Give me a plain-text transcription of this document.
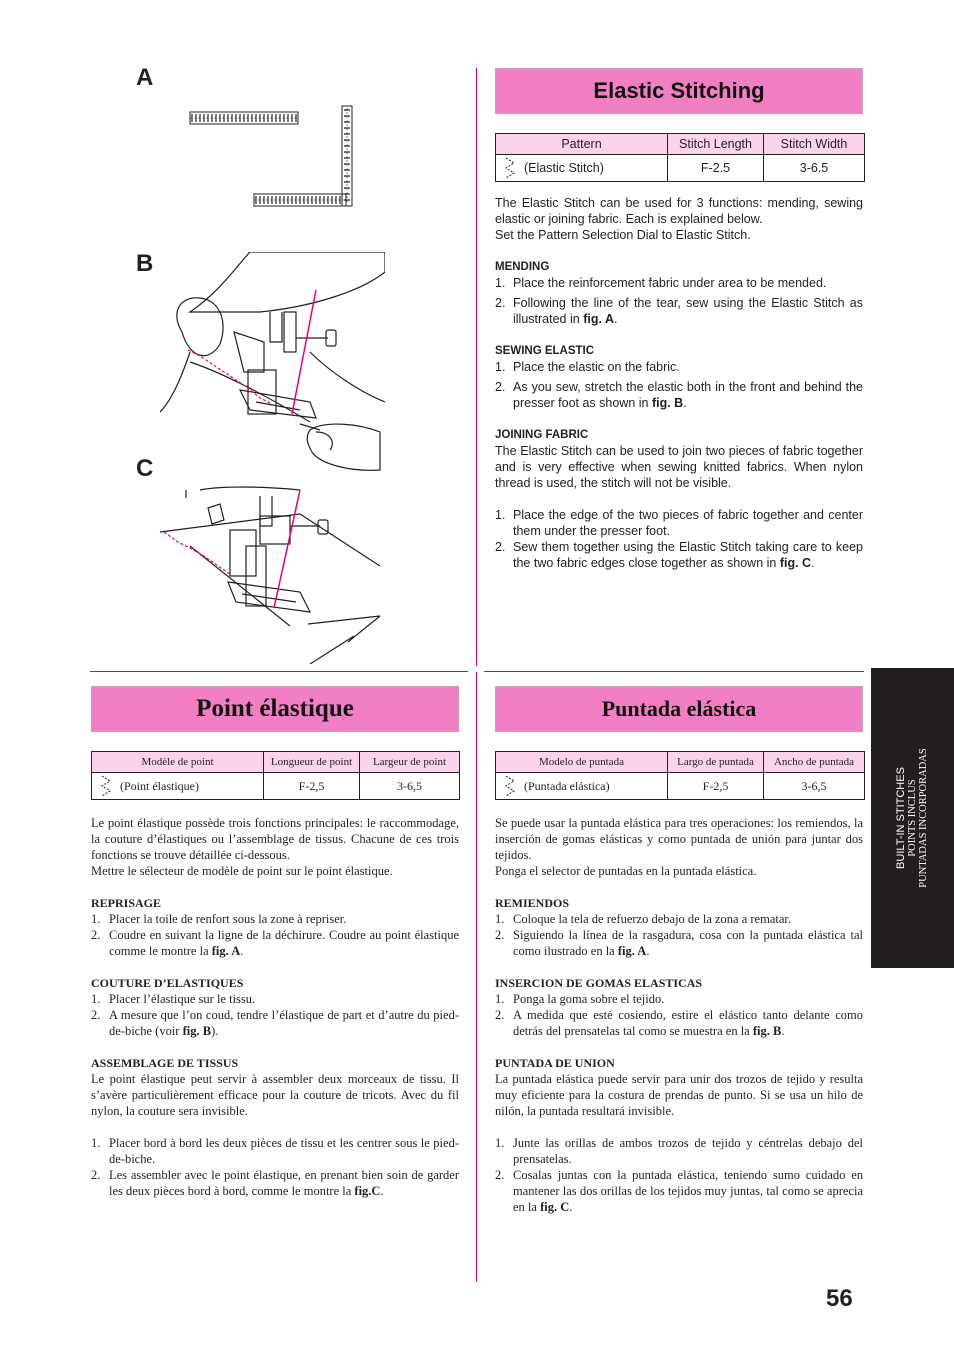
A
B
C
Elastic Stitching
Pattern	Stitch Length	Stitch Width

(Elastic Stitch)	F-2.5	3-6.5

The Elastic Stitch can be used for 3 functions: mending, sewing elastic or joining fabric. Each is explained below.

Set the Pattern Selection Dial to Elastic Stitch.

MENDING

1. Place the reinforcement fabric under area to be mended.
2. Following the line of the tear, sew using the Elastic Stitch as illustrated in fig. A.

SEWING ELASTIC

1. Place the elastic on the fabric.
2. As you sew, stretch the elastic both in the front and behind the presser foot as shown in fig. B.

JOINING FABRIC

The Elastic Stitch can be used to join two pieces of fabric together and is very effective when sewing knitted fabrics. When nylon thread is used, the stitch will not be visible.

1. Place the edge of the two pieces of fabric together and center them under the presser foot.
2. Sew them together using the Elastic Stitch taking care to keep the two fabric edges close together as shown in fig. C.
Point élastique
Modèle de point	Longueur de point	Largeur de point

(Point élastique)	F-2,5	3-6,5

Le point élastique possède trois fonctions principales: le raccommodage, la couture d’élastiques ou l’assemblage de tissus. Chacune de ces trois fonctions se trouve détaillée ci-dessous.

Mettre le sélecteur de modèle de point sur le point élastique.

REPRISAGE

1. Placer la toile de renfort sous la zone à repriser.
2. Coudre en suivant la ligne de la déchirure. Coudre au point élastique comme le montre la fig. A.

COUTURE D’ELASTIQUES

1. Placer l’élastique sur le tissu.
2. A mesure que l’on coud, tendre l’élastique de part et d’autre du pied-de-biche (voir fig. B).

ASSEMBLAGE DE TISSUS

Le point élastique peut servir à assembler deux morceaux de tissu. Il s’avère particulièrement efficace pour la couture de tricots. Avec du fil nylon, la couture sera invisible.

1. Placer bord à bord les deux pièces de tissu et les centrer sous le pied-de-biche.
2. Les assembler avec le point élastique, en prenant bien soin de garder les deux pièces bord à bord, comme le montre la fig.C.
Puntada elástica
Modelo de puntada	Largo de puntada	Ancho de puntada

(Puntada elástica)	F-2,5	3-6,5

Se puede usar la puntada elástica para tres operaciones: los remiendos, la inserción de gomas elásticas y como puntada de unión para juntar dos tejidos.

Ponga el selector de puntadas en la puntada elástica.

REMIENDOS

1. Coloque la tela de refuerzo debajo de la zona a rematar.
2. Siguiendo la línea de la rasgadura, cosa con la puntada elástica tal como ilustrado en la fig. A.

INSERCION DE GOMAS ELASTICAS

1. Ponga la goma sobre el tejido.
2. A medida que esté cosiendo, estire el elástico tanto delante como detrás del prensatelas tal como se muestra en la fig. B.

PUNTADA DE UNION

La puntada elástica puede servir para unir dos trozos de tejido y resulta muy eficiente para la costura de prendas de punto. Si se usa un hilo de nilón, la puntada resultará invisible.

1. Junte las orillas de ambos trozos de tejido y céntrelas debajo del prensatelas.
2. Cosalas juntas con la puntada elástica, teniendo sumo cuidado en mantener las dos orillas de los tejidos muy juntas, tal como se aprecia en la fig. C.
BUILT-IN STITCHES POINTS INCLUS PUNTADAS INCORPORADAS
56
